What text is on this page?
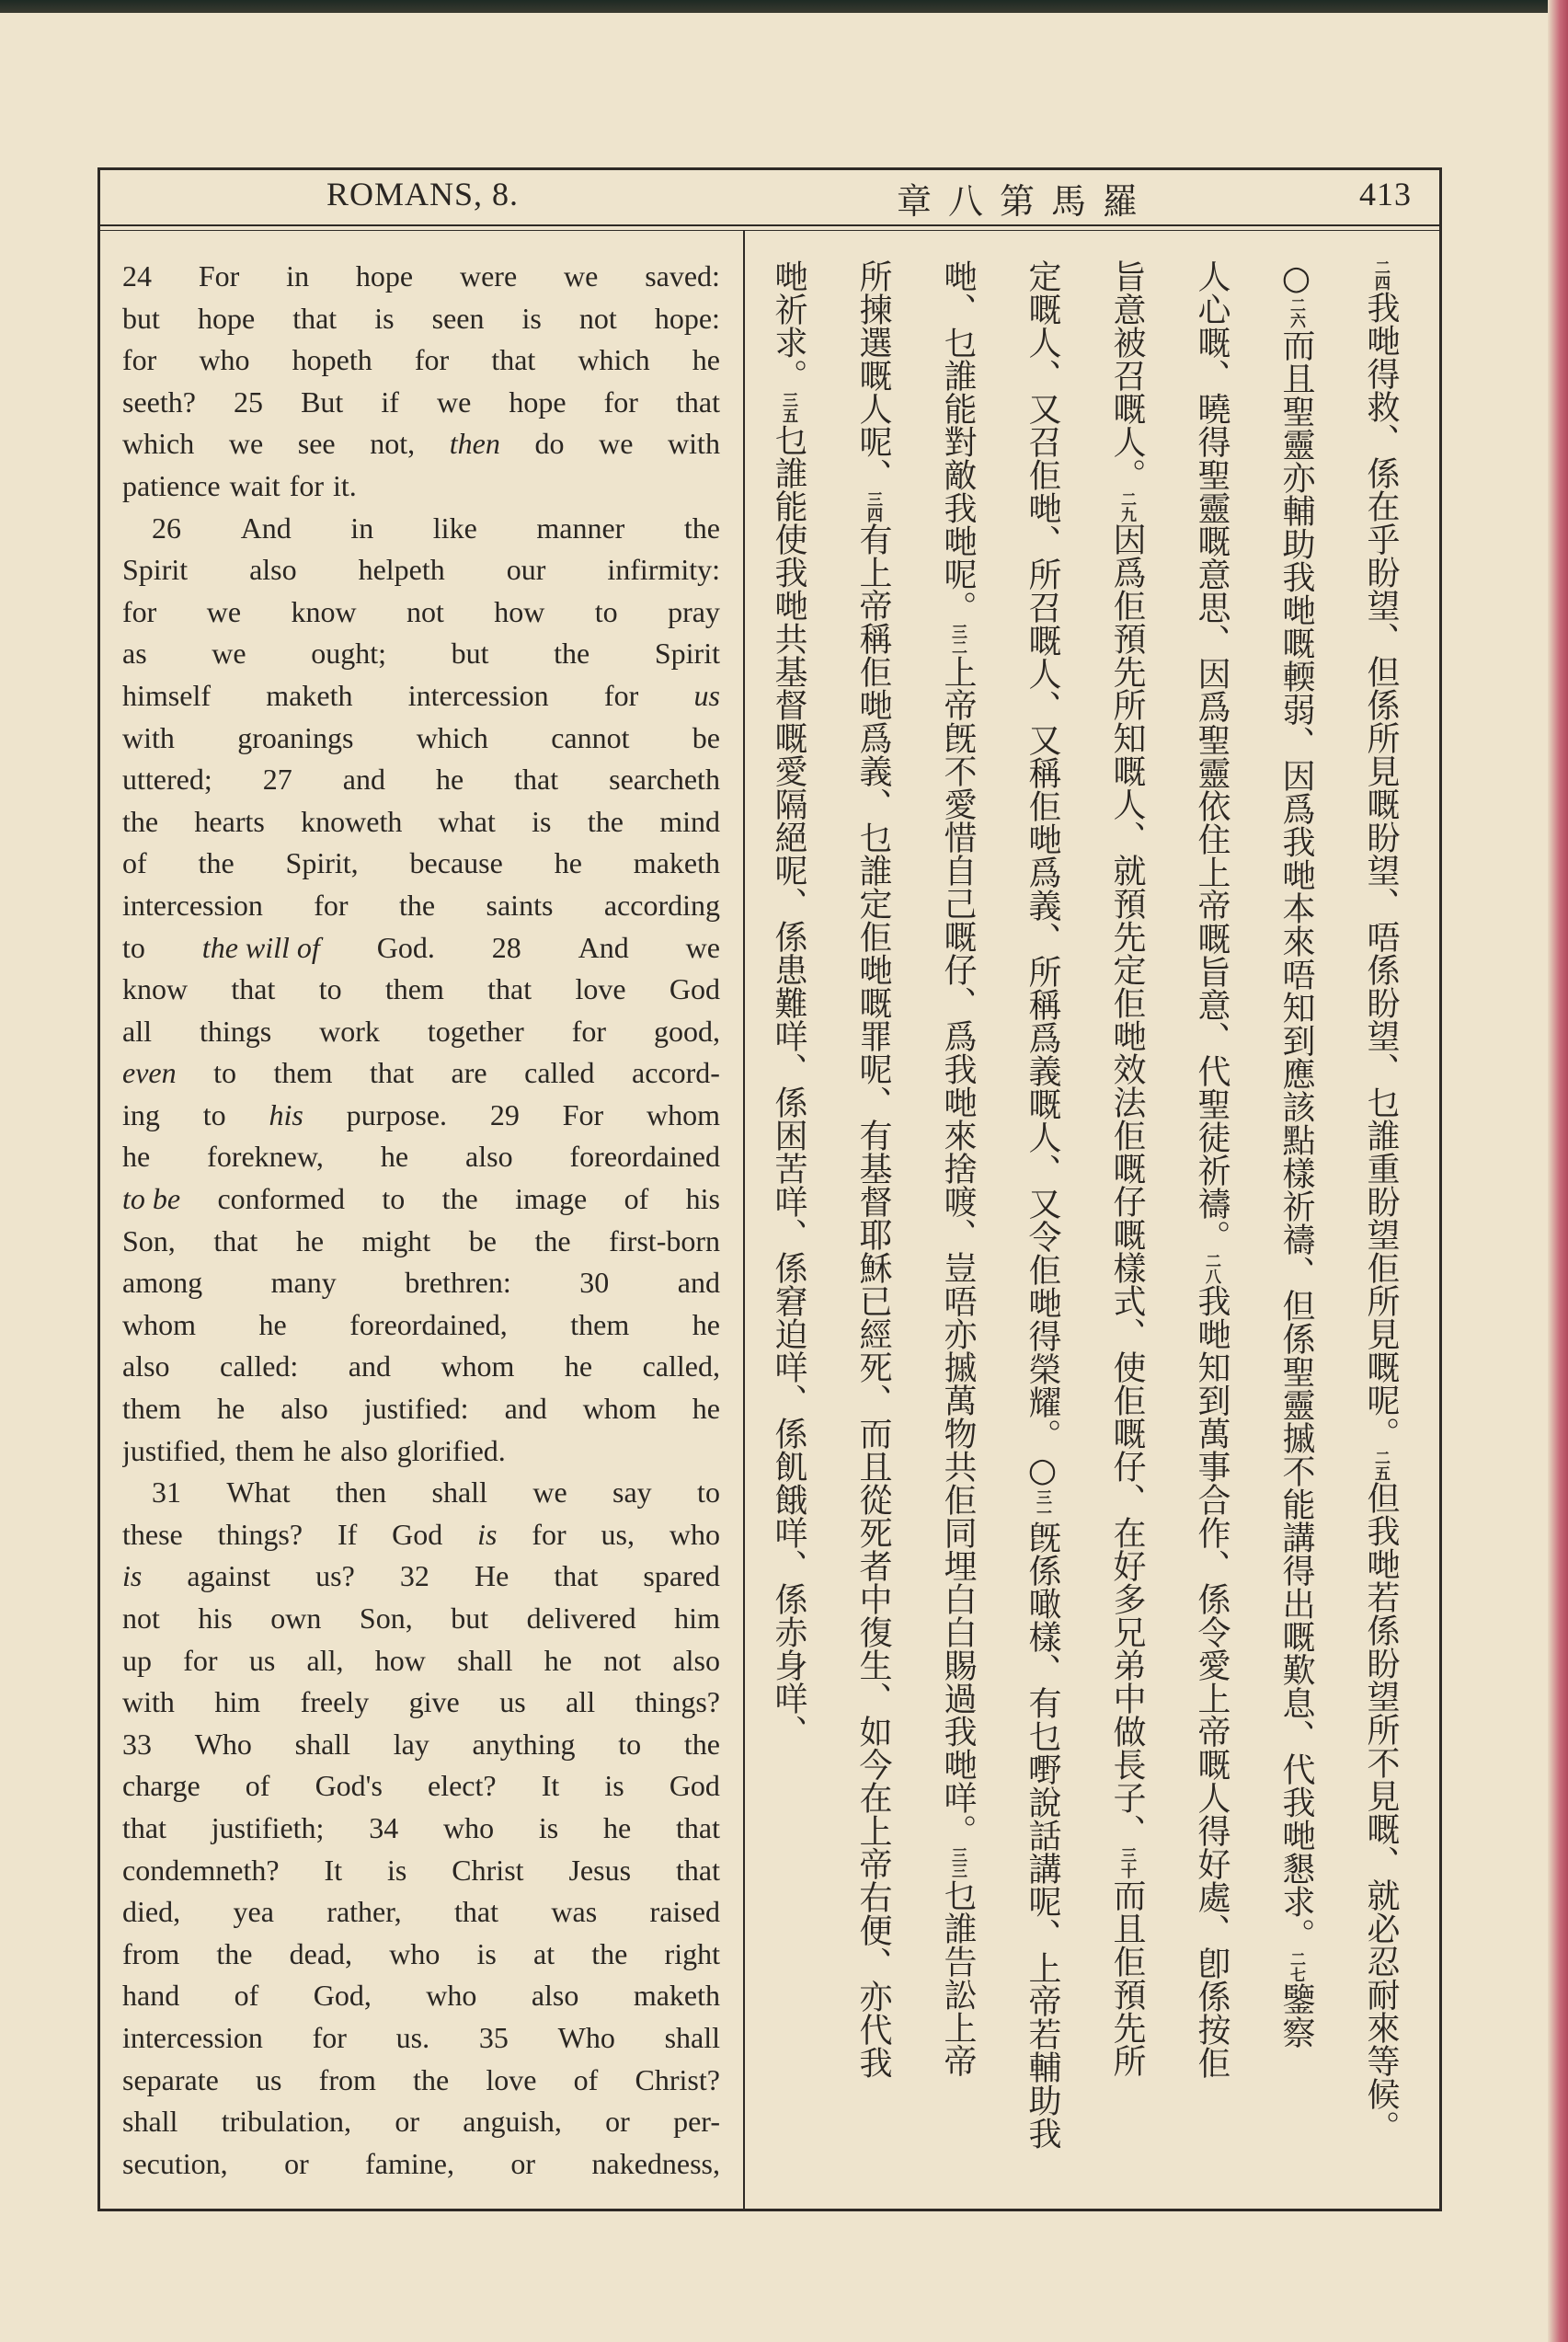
ROMANS, 8.	章八第馬羅	413
24 For in hope were we saved:
but hope that is seen is not hope:
for who hopeth for that which he
seeth? 25 But if we hope for that
which we see not, then do we with
patience wait for it.
26 And in like manner the
Spirit also helpeth our infirmity:
for we know not how to pray
as we ought; but the Spirit
himself maketh intercession for us
with groanings which cannot be
uttered; 27 and he that searcheth
the hearts knoweth what is the mind
of the Spirit, because he maketh
intercession for the saints according
to the will of God. 28 And we
know that to them that love God
all things work together for good,
even to them that are called accord-
ing to his purpose. 29 For whom
he foreknew, he also foreordained
to be conformed to the image of his
Son, that he might be the first-born
among many brethren: 30 and
whom he foreordained, them he
also called: and whom he called,
them he also justified: and whom he
justified, them he also glorified.
31 What then shall we say to
these things? If God is for us, who
is against us? 32 He that spared
not his own Son, but delivered him
up for us all, how shall he not also
with him freely give us all things?
33 Who shall lay anything to the
charge of God's elect? It is God
that justifieth; 34 who is he that
condemneth? It is Christ Jesus that
died, yea rather, that was raised
from the dead, who is at the right
hand of God, who also maketh
intercession for us. 35 Who shall
separate us from the love of Christ?
shall tribulation, or anguish, or per-
secution, or famine, or nakedness,
二四我哋得救、係在乎盼望、但係所見嘅盼望、唔係盼望、乜誰重盼望佢所見嘅呢。二五但我哋若係盼望所不見嘅、就必忍耐來等候。
○二六而且聖靈亦輔助我哋嘅輭弱、因爲我哋本來唔知到應該點樣祈禱、但係聖靈摵不能講得出嘅歎息、代我哋懇求。二七鑒察
人心嘅、曉得聖靈嘅意思、因爲聖靈依住上帝嘅旨意、代聖徒祈禱。二八我哋知到萬事合作、係令愛上帝嘅人得好處、卽係按佢
旨意被召嘅人。二九因爲佢預先所知嘅人、就預先定佢哋效法佢嘅仔嘅樣式、使佢嘅仔、在好多兄弟中做長子、三十而且佢預先所
定嘅人、又召佢哋、所召嘅人、又稱佢哋爲義、所稱爲義嘅人、又令佢哋得榮耀。○三一旣係噉樣、有乜嘢說話講呢、上帝若輔助我
哋、乜誰能對敵我哋呢。三二上帝旣不愛惜自己嘅仔、爲我哋來捨喥、豈唔亦摵萬物共佢同埋白白賜過我哋咩。三三乜誰告訟上帝
所揀選嘅人呢、三四有上帝稱佢哋爲義、乜誰定佢哋嘅罪呢、有基督耶穌已經死、而且從死者中復生、如今在上帝右便、亦代我
哋祈求。三五乜誰能使我哋共基督嘅愛隔絕呢、係患難咩、係困苦咩、係窘迫咩、係飢餓咩、係赤身咩、
